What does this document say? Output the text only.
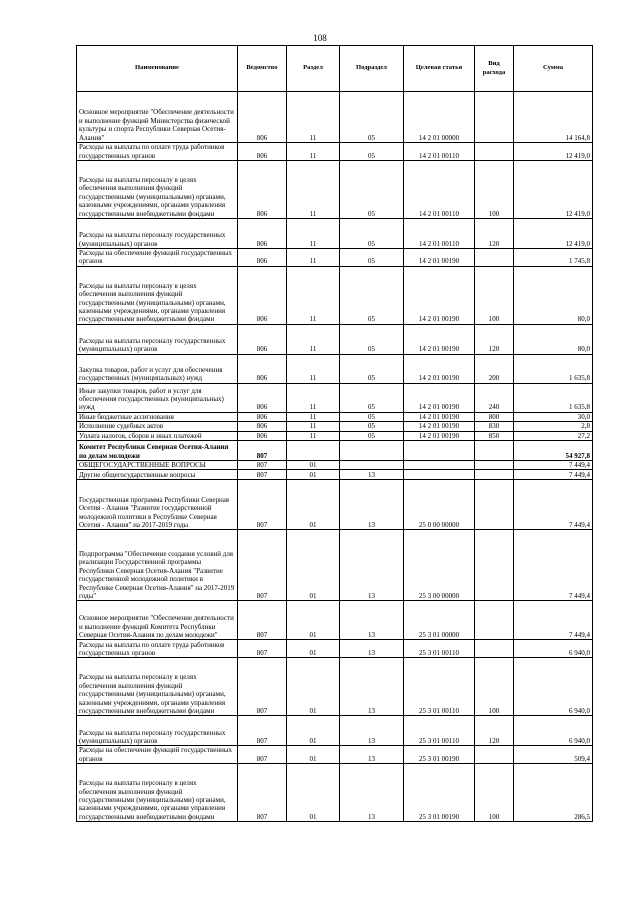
108
Наименование	Ведомство	Раздел	Подраздел	Целевая статья	Вид расхода	Сумма
Основное мероприятие "Обеспечение деятельности и выполнение функций Министерства физической культуры и спорта Республики Северная Осетия-Алания"	806	11	05	14 2 01 00000		14 164,8
Расходы на выплаты по оплате труда работников государственных органов	806	11	05	14 2 01 00110		12 419,0
Расходы на выплаты персоналу в целях обеспечения выполнения функций государственными (муниципальными) органами, казенными учреждениями, органами управления государственными внебюджетными фондами	806	11	05	14 2 01 00110	100	12 419,0
Расходы на выплаты персоналу государственных (муниципальных) органов	806	11	05	14 2 01 00110	120	12 419,0
Расходы на обеспечение функций государственных органов	806	11	05	14 2 01 00190		1 745,8
Расходы на выплаты персоналу в целях обеспечения выполнения функций государственными (муниципальными) органами, казенными учреждениями, органами управления государственными внебюджетными фондами	806	11	05	14 2 01 00190	100	80,0
Расходы на выплаты персоналу государственных (муниципальных) органов	806	11	05	14 2 01 00190	120	80,0
Закупка товаров, работ и услуг для обеспечения государственных (муниципальных) нужд	806	11	05	14 2 01 00190	200	1 635,8
Иные закупки товаров, работ и услуг для обеспечения государственных (муниципальных) нужд	806	11	05	14 2 01 00190	240	1 635,8
Иные бюджетные ассигнования	806	11	05	14 2 01 00190	800	30,0
Исполнение судебных актов	806	11	05	14 2 01 00190	830	2,8
Уплата налогов, сборов и иных платежей	806	11	05	14 2 01 00190	850	27,2
Комитет Республики Северная Осетия-Алания по делам молодежи	807					54 927,8
ОБЩЕГОСУДАРСТВЕННЫЕ ВОПРОСЫ	807	01				7 449,4
Другие общегосударственные вопросы	807	01	13			7 449,4
Государственная программа Республики Северная Осетия - Алания "Развитие государственной молодежной политики в Республике Северная Осетия - Алания" на 2017-2019 годы	807	01	13	25 0 00 00000		7 449,4
Подпрограмма "Обеспечение создания условий для реализации Государственной программы Республики Северная Осетия-Алания "Развитие государственной молодежной политики в Республике Северная Осетия-Алания" на 2017-2019 годы"	807	01	13	25 3 00 00000		7 449,4
Основное мероприятие "Обеспечение деятельности и выполнение функций Комитета Республики Северная Осетия-Алания по делам молодежи"	807	01	13	25 3 01 00000		7 449,4
Расходы на выплаты по оплате труда работников государственных органов	807	01	13	25 3 01 00110		6 940,0
Расходы на выплаты персоналу в целях обеспечения выполнения функций государственными (муниципальными) органами, казенными учреждениями, органами управления государственными внебюджетными фондами	807	01	13	25 3 01 00110	100	6 940,0
Расходы на выплаты персоналу государственных (муниципальных) органов	807	01	13	25 3 01 00110	120	6 940,0
Расходы на обеспечение функций государственных органов	807	01	13	25 3 01 00190		509,4
Расходы на выплаты персоналу в целях обеспечения выполнения функций государственными (муниципальными) органами, казенными учреждениями, органами управления государственными внебюджетными фондами	807	01	13	25 3 01 00190	100	286,5
